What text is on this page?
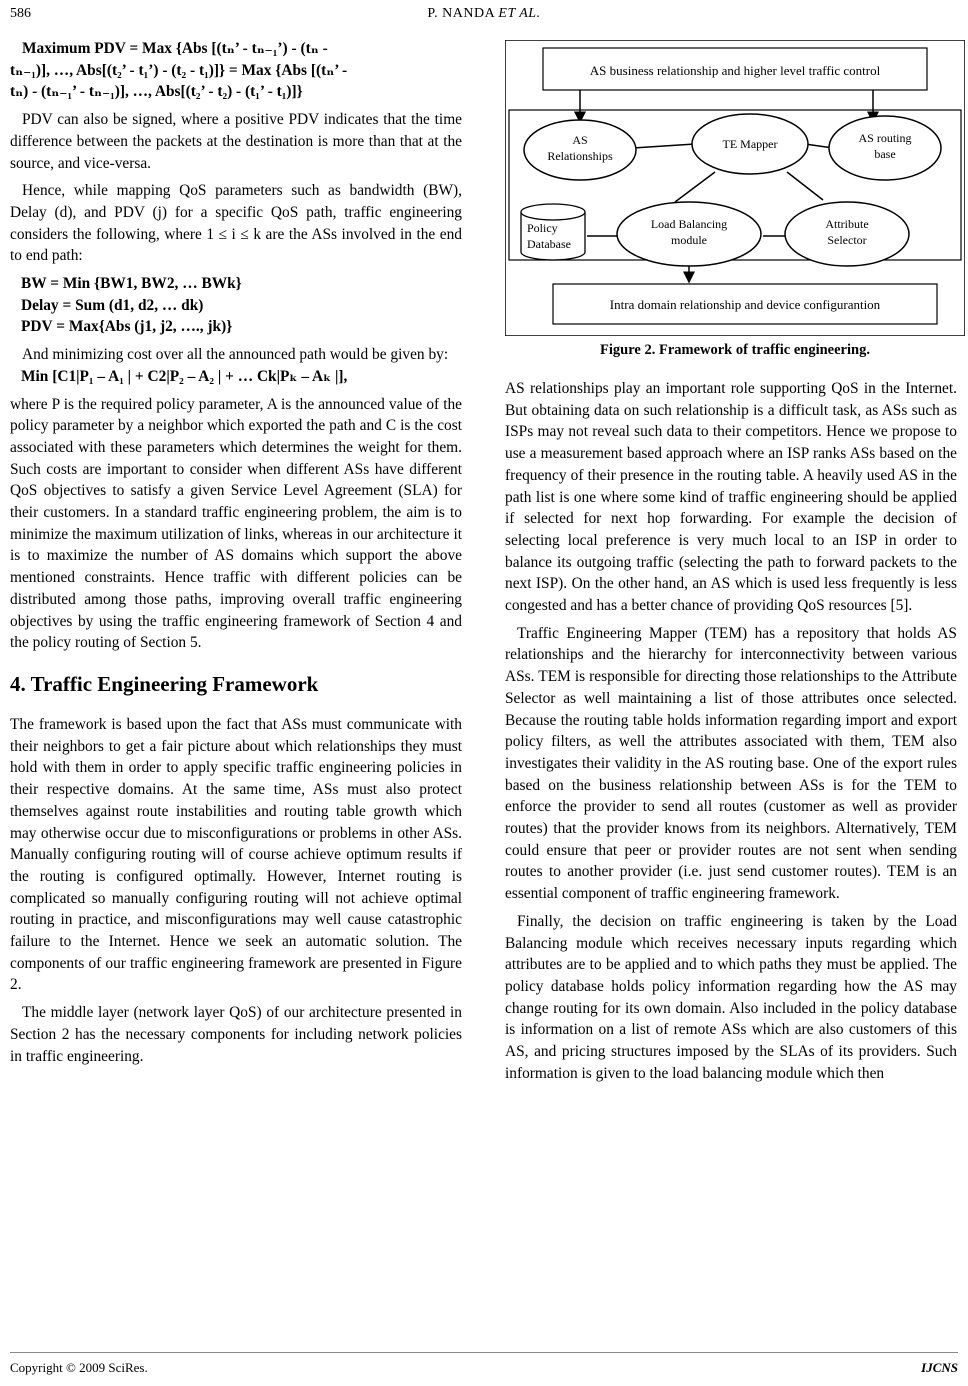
586	P. NANDA ET AL.

Maximum PDV = Max {Abs [(tₙ’ - tₙ₋₁’) - (tₙ -

tₙ₋₁)], …, Abs[(t₂’ - t₁’) - (t₂ - t₁)]} = Max {Abs [(tₙ’ -

tₙ) - (tₙ₋₁’ - tₙ₋₁)], …, Abs[(t₂’ - t₂) - (t₁’ - t₁)]}

PDV can also be signed, where a positive PDV indicates that the time difference between the packets at the destination is more than that at the source, and vice-versa.

Hence, while mapping QoS parameters such as bandwidth (BW), Delay (d), and PDV (j) for a specific QoS path, traffic engineering considers the following, where 1 ≤ i ≤ k are the ASs involved in the end to end path:

BW = Min {BW1, BW2, … BWk}

Delay = Sum (d1, d2, … dk)

PDV = Max{Abs (j1, j2, …., jk)}

And minimizing cost over all the announced path would be given by:

Min [C1|P₁ – A₁ | + C2|P₂ – A₂ | + … Ck|Pₖ – Aₖ |],

where P is the required policy parameter, A is the announced value of the policy parameter by a neighbor which exported the path and C is the cost associated with these parameters which determines the weight for them. Such costs are important to consider when different ASs have different QoS objectives to satisfy a given Service Level Agreement (SLA) for their customers. In a standard traffic engineering problem, the aim is to minimize the maximum utilization of links, whereas in our architecture it is to maximize the number of AS domains which support the above mentioned constraints. Hence traffic with different policies can be distributed among those paths, improving overall traffic engineering objectives by using the traffic engineering framework of Section 4 and the policy routing of Section 5.

4. Traffic Engineering Framework

The framework is based upon the fact that ASs must communicate with their neighbors to get a fair picture about which relationships they must hold with them in order to apply specific traffic engineering policies in their respective domains. At the same time, ASs must also protect themselves against route instabilities and routing table growth which may otherwise occur due to misconfigurations or problems in other ASs. Manually configuring routing will of course achieve optimum results if the routing is configured optimally. However, Internet routing is complicated so manually configuring routing will not achieve optimal routing in practice, and misconfigurations may well cause catastrophic failure to the Internet. Hence we seek an automatic solution. The components of our traffic engineering framework are presented in Figure 2.

The middle layer (network layer QoS) of our architecture presented in Section 2 has the necessary components for including network policies in traffic engineering.

AS business relationship and higher level traffic control
AS
Relationships
TE Mapper	AS routing
base
Policy
Database
Load Balancing
module
Attribute
Selector
Intra domain relationship and device configurantion
Figure 2. Framework of traffic engineering.

AS relationships play an important role supporting QoS in the Internet. But obtaining data on such relationship is a difficult task, as ASs such as ISPs may not reveal such data to their competitors. Hence we propose to use a measurement based approach where an ISP ranks ASs based on the frequency of their presence in the routing table. A heavily used AS in the path list is one where some kind of traffic engineering should be applied if selected for next hop forwarding. For example the decision of selecting local preference is very much local to an ISP in order to balance its outgoing traffic (selecting the path to forward packets to the next ISP). On the other hand, an AS which is used less frequently is less congested and has a better chance of providing QoS resources [5].

Traffic Engineering Mapper (TEM) has a repository that holds AS relationships and the hierarchy for interconnectivity between various ASs. TEM is responsible for directing those relationships to the Attribute Selector as well maintaining a list of those attributes once selected. Because the routing table holds information regarding import and export policy filters, as well the attributes associated with them, TEM also investigates their validity in the AS routing base. One of the export rules based on the business relationship between ASs is for the TEM to enforce the provider to send all routes (customer as well as provider routes) that the provider knows from its neighbors. Alternatively, TEM could ensure that peer or provider routes are not sent when sending routes to another provider (i.e. just send customer routes). TEM is an essential component of traffic engineering framework.

Finally, the decision on traffic engineering is taken by the Load Balancing module which receives necessary inputs regarding which attributes are to be applied and to which paths they must be applied. The policy database holds policy information regarding how the AS may change routing for its own domain. Also included in the policy database is information on a list of remote ASs which are also customers of this AS, and pricing structures imposed by the SLAs of its providers. Such information is given to the load balancing module which then

Copyright © 2009 SciRes.	IJCNS
